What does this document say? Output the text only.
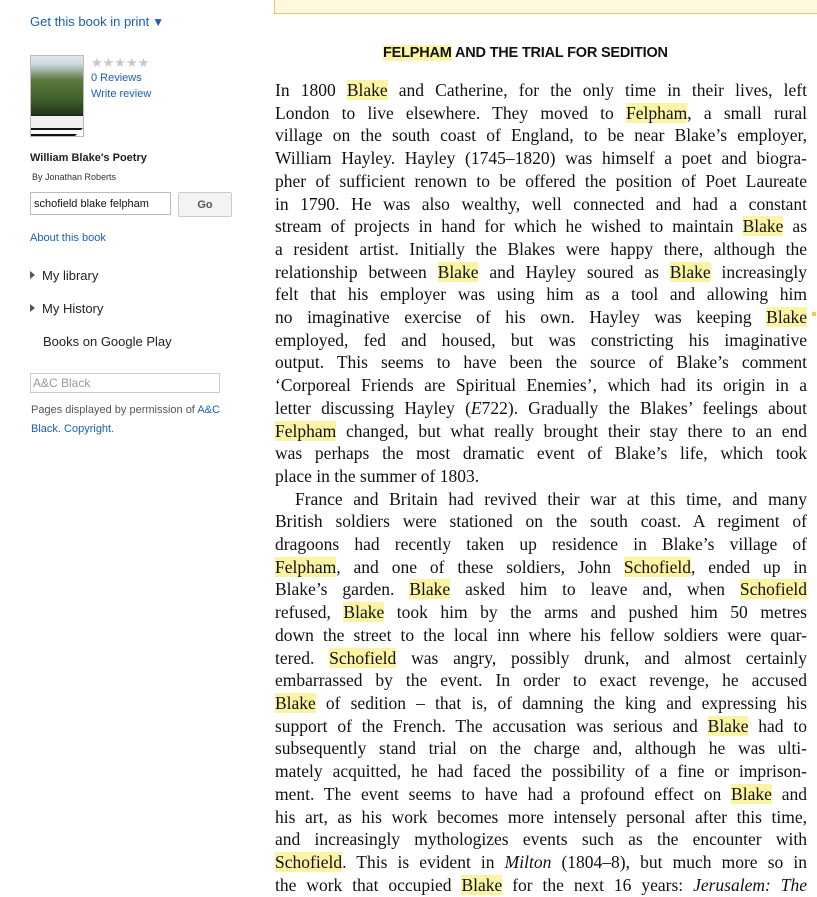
Get this book in print ▼
★★★★★
0 Reviews
Write review
William Blake's Poetry
By Jonathan Roberts
schofield blake felpham
Go
About this book
My library
My History
Books on Google Play
A&C Black
Pages displayed by permission of A&C Black. Copyright.
FELPHAM AND THE TRIAL FOR SEDITION
In 1800 Blake and Catherine, for the only time in their lives, left
London to live elsewhere. They moved to Felpham, a small rural
village on the south coast of England, to be near Blake’s employer,
William Hayley. Hayley (1745–1820) was himself a poet and biogra-
pher of sufficient renown to be offered the position of Poet Laureate
in 1790. He was also wealthy, well connected and had a constant
stream of projects in hand for which he wished to maintain Blake as
a resident artist. Initially the Blakes were happy there, although the
relationship between Blake and Hayley soured as Blake increasingly
felt that his employer was using him as a tool and allowing him
no imaginative exercise of his own. Hayley was keeping Blake
employed, fed and housed, but was constricting his imaginative
output. This seems to have been the source of Blake’s comment
‘Corporeal Friends are Spiritual Enemies’, which had its origin in a
letter discussing Hayley (E722). Gradually the Blakes’ feelings about
Felpham changed, but what really brought their stay there to an end
was perhaps the most dramatic event of Blake’s life, which took
place in the summer of 1803.
France and Britain had revived their war at this time, and many
British soldiers were stationed on the south coast. A regiment of
dragoons had recently taken up residence in Blake’s village of
Felpham, and one of these soldiers, John Schofield, ended up in
Blake’s garden. Blake asked him to leave and, when Schofield
refused, Blake took him by the arms and pushed him 50 metres
down the street to the local inn where his fellow soldiers were quar-
tered. Schofield was angry, possibly drunk, and almost certainly
embarrassed by the event. In order to exact revenge, he accused
Blake of sedition – that is, of damning the king and expressing his
support of the French. The accusation was serious and Blake had to
subsequently stand trial on the charge and, although he was ulti-
mately acquitted, he had faced the possibility of a fine or imprison-
ment. The event seems to have had a profound effect on Blake and
his art, as his work becomes more intensely personal after this time,
and increasingly mythologizes events such as the encounter with
Schofield. This is evident in Milton (1804–8), but much more so in
the work that occupied Blake for the next 16 years: Jerusalem: The
